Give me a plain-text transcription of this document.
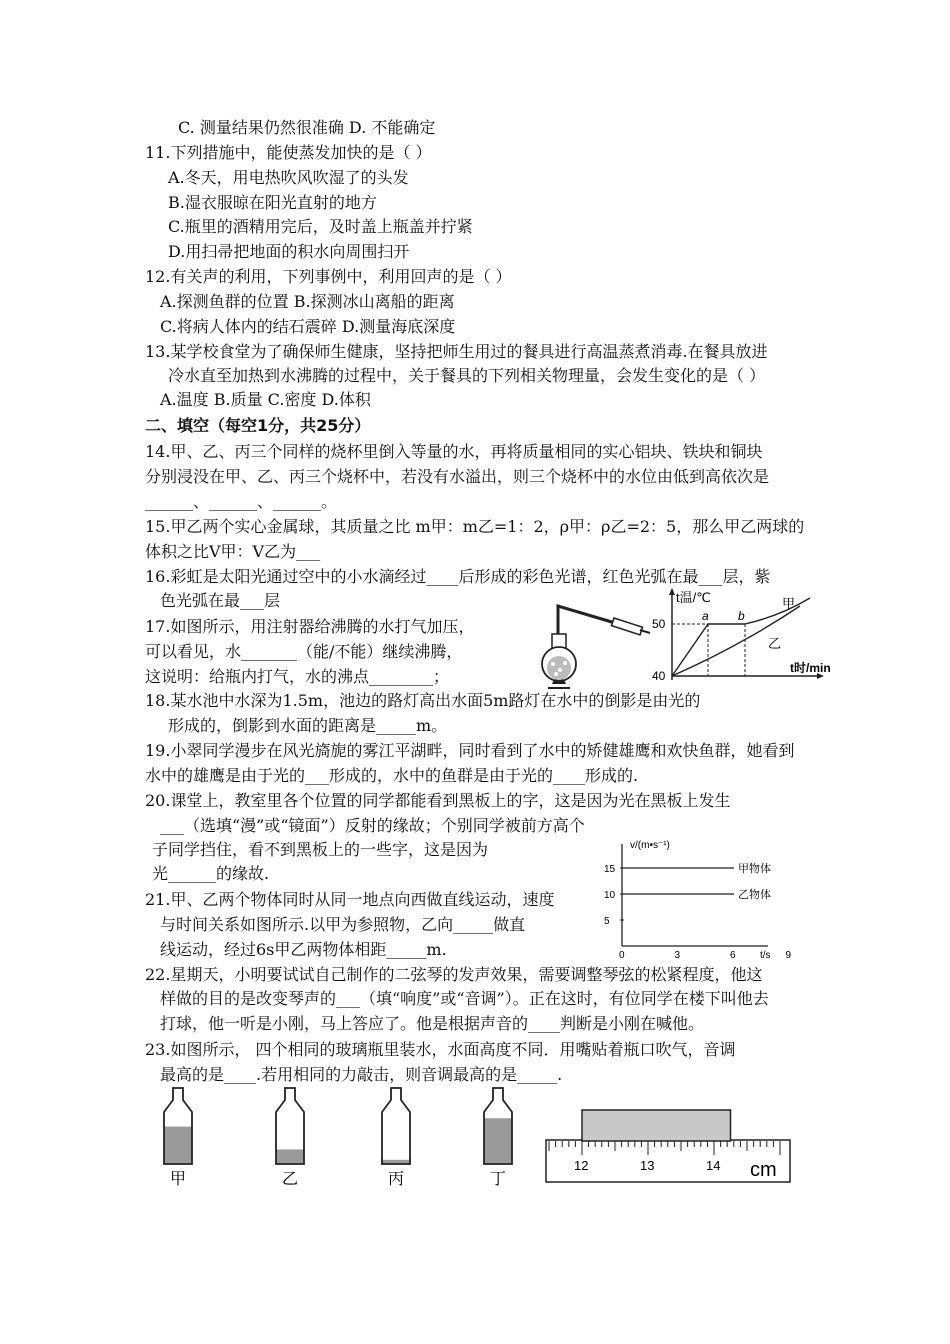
C. 测量结果仍然很准确 D. 不能确定
11.下列措施中，能使蒸发加快的是（ ）
A.冬天，用电热吹风吹湿了的头发
B.湿衣服晾在阳光直射的地方
C.瓶里的酒精用完后，及时盖上瓶盖并拧紧
D.用扫帚把地面的积水向周围扫开
12.有关声的利用，下列事例中，利用回声的是（ ）
A.探测鱼群的位置 B.探测冰山离船的距离
C.将病人体内的结石震碎 D.测量海底深度
13.某学校食堂为了确保师生健康，坚持把师生用过的餐具进行高温蒸煮消毒.在餐具放进
冷水直至加热到水沸腾的过程中，关于餐具的下列相关物理量，会发生变化的是（ ）
A.温度 B.质量 C.密度 D.体积
二、填空（每空1分，共25分）
14.甲、乙、丙三个同样的烧杯里倒入等量的水，再将质量相同的实心铝块、铁块和铜块
分别浸没在甲、乙、丙三个烧杯中，若没有水溢出，则三个烧杯中的水位由低到高依次是
______、______、______。
15.甲乙两个实心金属球，其质量之比 m甲：m乙=1：2，ρ甲：ρ乙=2：5，那么甲乙两球的
体积之比V甲：V乙为___
16.彩虹是太阳光通过空中的小水滴经过____后形成的彩色光谱，红色光弧在最___层，紫
色光弧在最___层
17.如图所示，用注射器给沸腾的水打气加压，
可以看见，水_______（能/不能）继续沸腾，
这说明：给瓶内打气，水的沸点________；
18.某水池中水深为1.5m，池边的路灯高出水面5m路灯在水中的倒影是由光的
形成的，倒影到水面的距离是_____m。
19.小翠同学漫步在风光旖旎的雾江平湖畔，同时看到了水中的矫健雄鹰和欢快鱼群，她看到
水中的雄鹰是由于光的___形成的，水中的鱼群是由于光的____形成的.
20.课堂上，教室里各个位置的同学都能看到黑板上的字，这是因为光在黑板上发生
___（选填“漫”或“镜面”）反射的缘故；个别同学被前方高个
子同学挡住，看不到黑板上的一些字，这是因为
光______的缘故.
21.甲、乙两个物体同时从同一地点向西做直线运动，速度
与时间关系如图所示.以甲为参照物，乙向_____做直
线运动，经过6s甲乙两物体相距_____m.
22.星期天，小明要试试自己制作的二弦琴的发声效果，需要调整琴弦的松紧程度，他这
样做的目的是改变琴声的___（填“响度”或“音调”）。正在这时，有位同学在楼下叫他去
打球，他一听是小刚，马上答应了。他是根据声音的____判断是小刚在喊他。
23.如图所示， 四个相同的玻璃瓶里装水，水面高度不同．用嘴贴着瓶口吹气，音调
最高的是____.若用相同的力敲击，则音调最高的是_____.
t温/℃
t时/min
50
40
a b
甲
乙
v/(m•s⁻¹)
t/s
15
10
5
0	3	6	9
甲物体
乙物体
甲	乙	丙	丁
12	13	14 cm
